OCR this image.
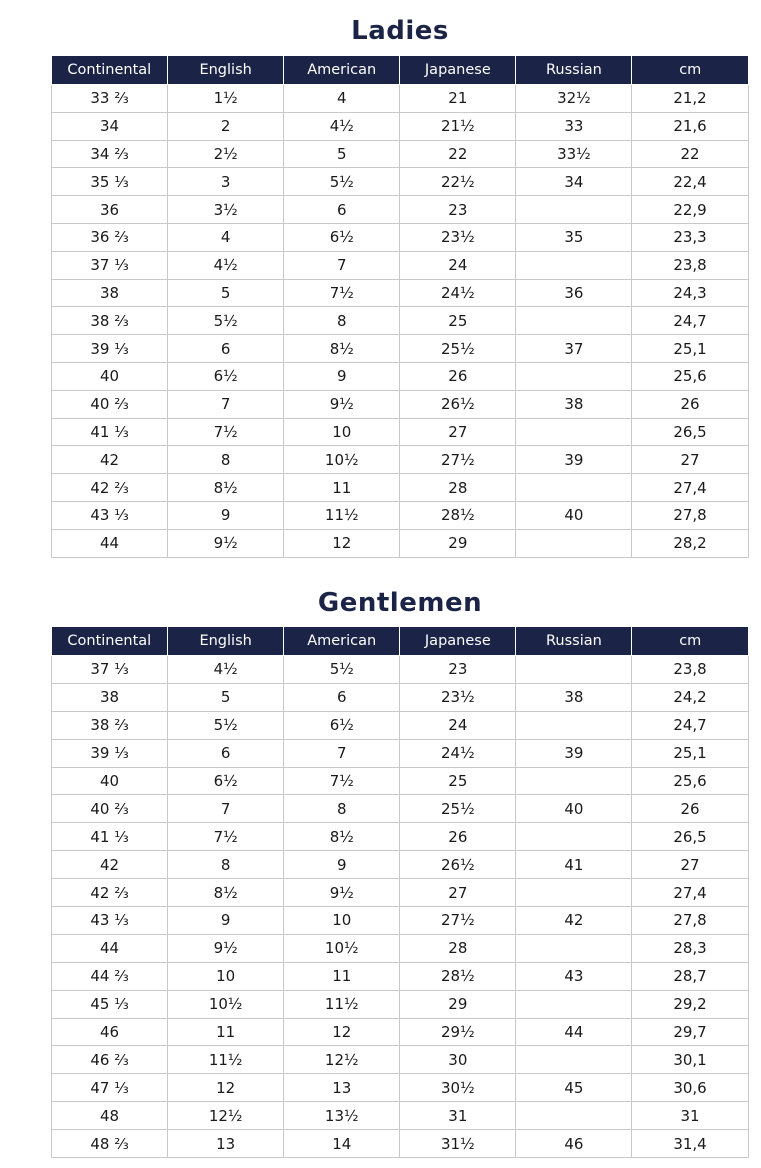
Ladies
Continental	English	American	Japanese	Russian	cm
33 ²⁄₃	1½	4	21	32½	21,2
34	2	4½	21½	33	21,6
34 ²⁄₃	2½	5	22	33½	22
35 ¹⁄₃	3	5½	22½	34	22,4
36	3½	6	23		22,9
36 ²⁄₃	4	6½	23½	35	23,3
37 ¹⁄₃	4½	7	24		23,8
38	5	7½	24½	36	24,3
38 ²⁄₃	5½	8	25		24,7
39 ¹⁄₃	6	8½	25½	37	25,1
40	6½	9	26		25,6
40 ²⁄₃	7	9½	26½	38	26
41 ¹⁄₃	7½	10	27		26,5
42	8	10½	27½	39	27
42 ²⁄₃	8½	11	28		27,4
43 ¹⁄₃	9	11½	28½	40	27,8
44	9½	12	29		28,2
Gentlemen
Continental	English	American	Japanese	Russian	cm
37 ¹⁄₃	4½	5½	23		23,8
38	5	6	23½	38	24,2
38 ²⁄₃	5½	6½	24		24,7
39 ¹⁄₃	6	7	24½	39	25,1
40	6½	7½	25		25,6
40 ²⁄₃	7	8	25½	40	26
41 ¹⁄₃	7½	8½	26		26,5
42	8	9	26½	41	27
42 ²⁄₃	8½	9½	27		27,4
43 ¹⁄₃	9	10	27½	42	27,8
44	9½	10½	28		28,3
44 ²⁄₃	10	11	28½	43	28,7
45 ¹⁄₃	10½	11½	29		29,2
46	11	12	29½	44	29,7
46 ²⁄₃	11½	12½	30		30,1
47 ¹⁄₃	12	13	30½	45	30,6
48	12½	13½	31		31
48 ²⁄₃	13	14	31½	46	31,4
